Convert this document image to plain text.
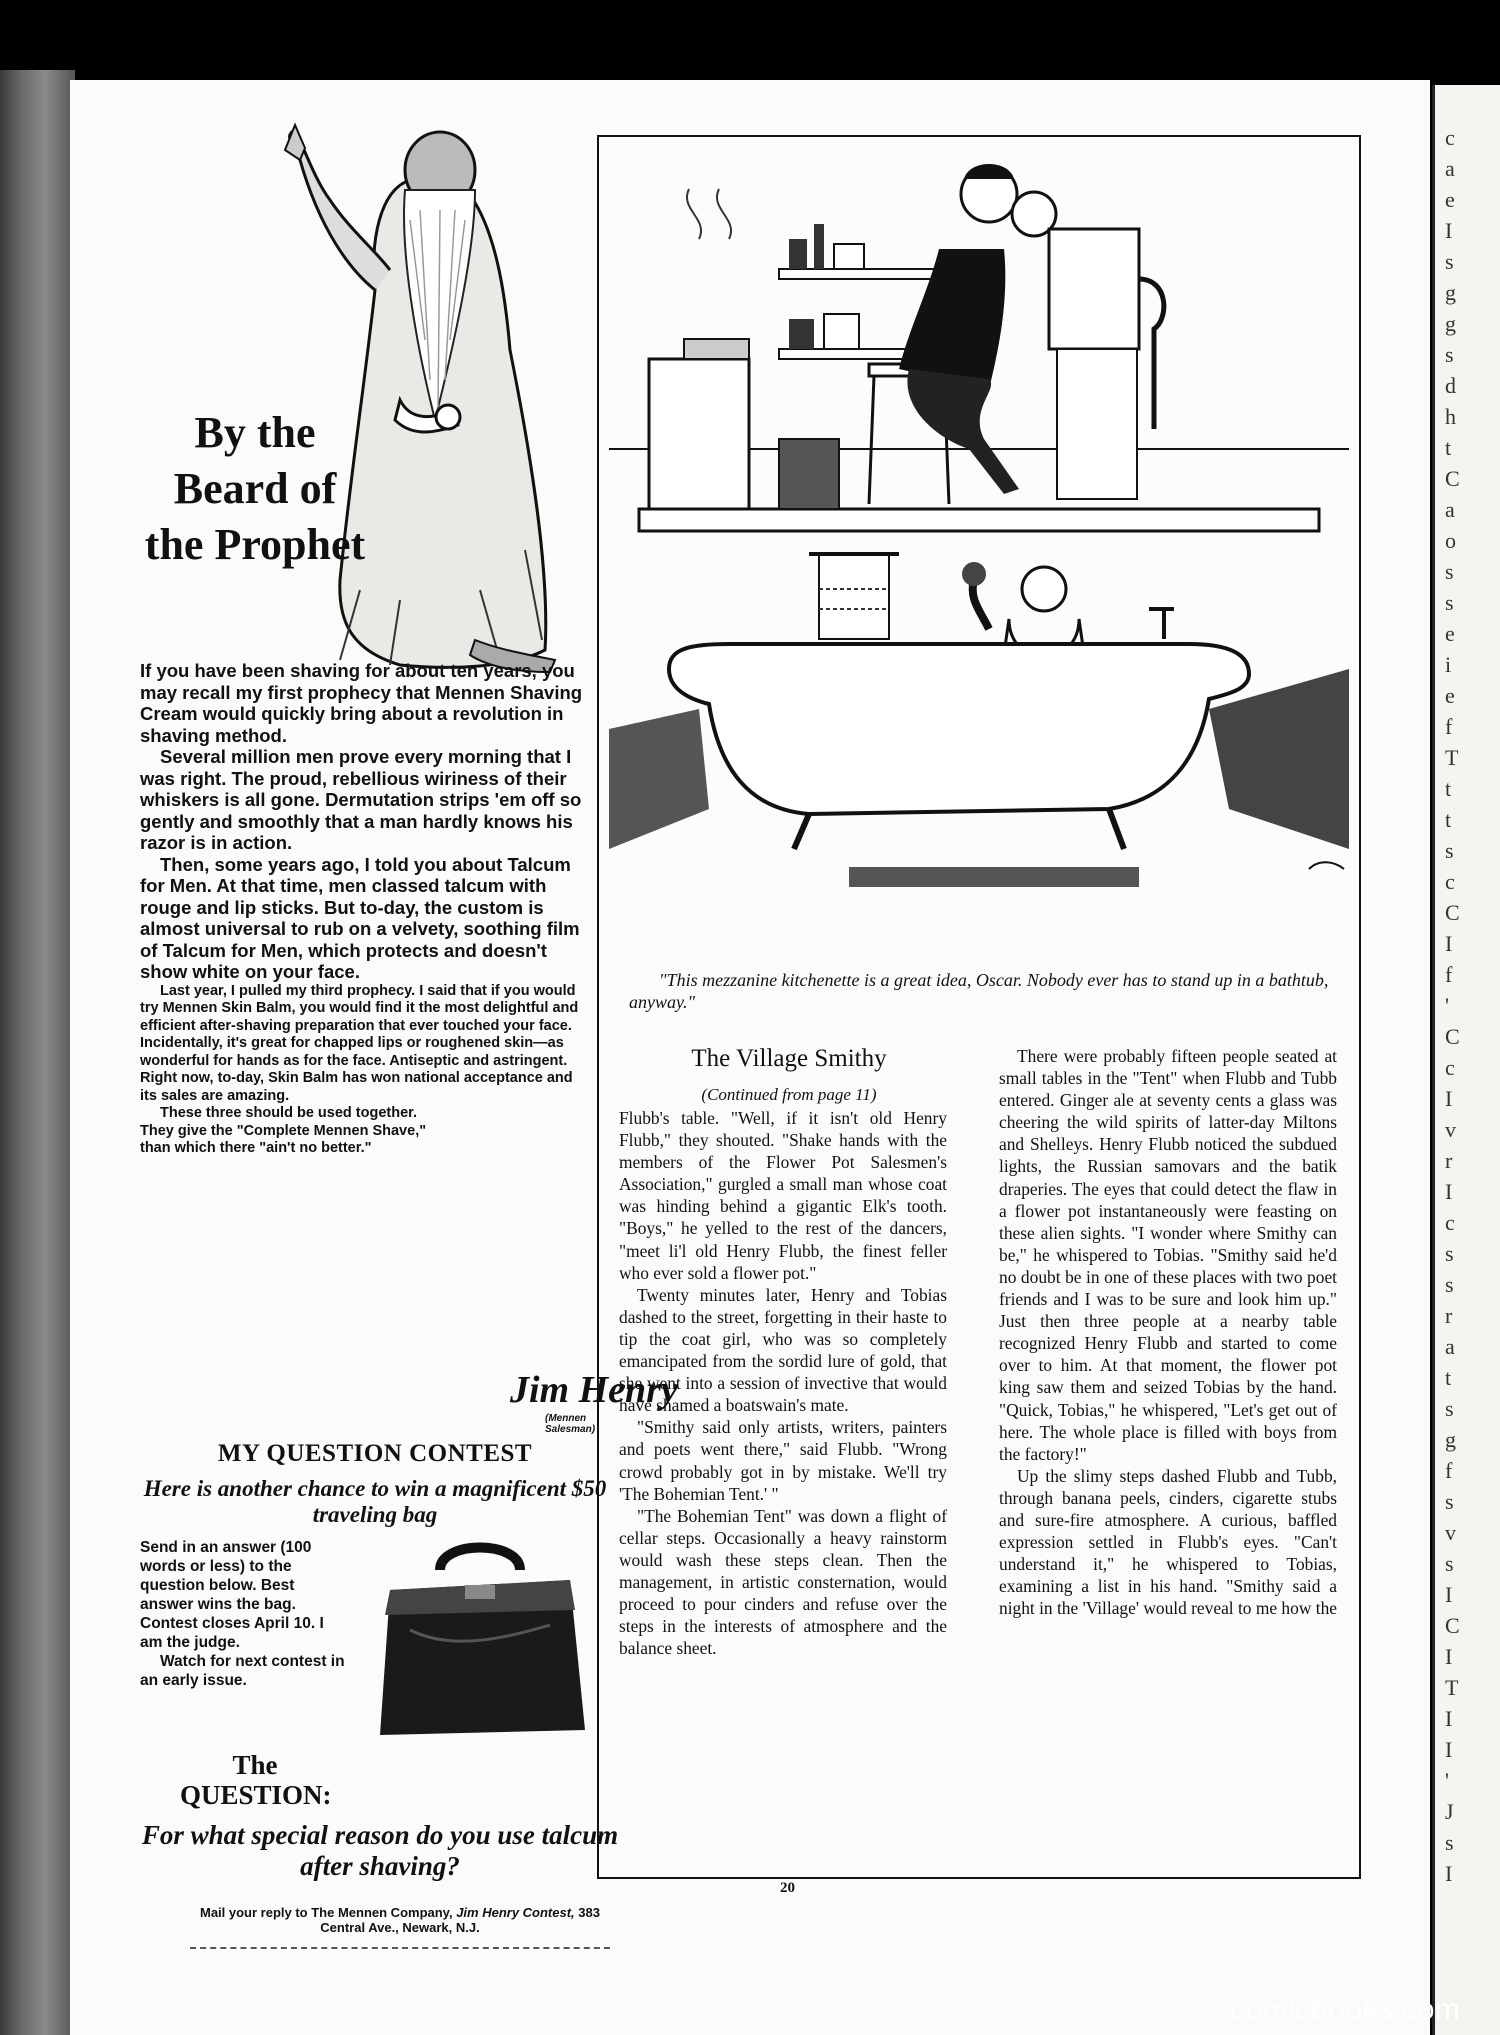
c
a
e
I
s
g
g
s
d
h
t
C
a
o
s
s
e
i
e
f
T
t
t
s
c
C
I
f
'
C
c
I
v
r
I
c
s
s
r
a
t
s
g
f
s
v
s
I
C
I
T
I
I
'
J
s
I
By the Beard of the Prophet

If you have been shaving for about ten years, you may recall my first prophecy that Mennen Shaving Cream would quickly bring about a revolution in shaving method.

Several million men prove every morning that I was right. The proud, rebellious wiriness of their whiskers is all gone. Dermutation strips 'em off so gently and smoothly that a man hardly knows his razor is in action.

Then, some years ago, I told you about Talcum for Men. At that time, men classed talcum with rouge and lip sticks. But to-day, the custom is almost universal to rub on a velvety, soothing film of Talcum for Men, which protects and doesn't show white on your face.

Last year, I pulled my third prophecy. I said that if you would try Mennen Skin Balm, you would find it the most delightful and efficient after-shaving preparation that ever touched your face. Incidentally, it's great for chapped lips or roughened skin—as wonderful for hands as for the face. Antiseptic and astringent. Right now, to-day, Skin Balm has won national acceptance and its sales are amazing.

These three should be used together. They give the "Complete Mennen Shave," than which there "ain't no better."

Jim Henry
(Mennen Salesman)
MY QUESTION CONTEST
Here is another chance to win a magnificent $50 traveling bag

Send in an answer (100 words or less) to the question below. Best answer wins the bag. Contest closes April 10. I am the judge.

Watch for next contest in an early issue.

The QUESTION:
For what special reason do you use talcum after shaving?
Mail your reply to The Mennen Company, Jim Henry Contest, 383 Central Ave., Newark, N.J.
"This mezzanine kitchenette is a great idea, Oscar. Nobody ever has to stand up in a bathtub, anyway."
The Village Smithy
(Continued from page 11)

Flubb's table. "Well, if it isn't old Henry Flubb," they shouted. "Shake hands with the members of the Flower Pot Salesmen's Association," gurgled a small man whose coat was hinding behind a gigantic Elk's tooth. "Boys," he yelled to the rest of the dancers, "meet li'l old Henry Flubb, the finest feller who ever sold a flower pot."

Twenty minutes later, Henry and Tobias dashed to the street, forgetting in their haste to tip the coat girl, who was so completely emancipated from the sordid lure of gold, that she went into a session of invective that would have shamed a boatswain's mate.

"Smithy said only artists, writers, painters and poets went there," said Flubb. "Wrong crowd probably got in by mistake. We'll try 'The Bohemian Tent.' "

"The Bohemian Tent" was down a flight of cellar steps. Occasionally a heavy rainstorm would wash these steps clean. Then the management, in artistic consternation, would proceed to pour cinders and refuse over the steps in the interests of atmosphere and the balance sheet.

There were probably fifteen people seated at small tables in the "Tent" when Flubb and Tubb entered. Ginger ale at seventy cents a glass was cheering the wild spirits of latter-day Miltons and Shelleys. Henry Flubb noticed the subdued lights, the Russian samovars and the batik draperies. The eyes that could detect the flaw in a flower pot instantaneously were feasting on these alien sights. "I wonder where Smithy can be," he whispered to Tobias. "Smithy said he'd no doubt be in one of these places with two poet friends and I was to be sure and look him up." Just then three people at a nearby table recognized Henry Flubb and started to come over to him. At that moment, the flower pot king saw them and seized Tobias by the hand. "Quick, Tobias," he whispered, "Let's get out of here. The whole place is filled with boys from the factory!"

Up the slimy steps dashed Flubb and Tubb, through banana peels, cinders, cigarette stubs and sure-fire atmosphere. A curious, baffled expression settled in Flubb's eyes. "Can't understand it," he whispered to Tobias, examining a list in his hand. "Smithy said a night in the 'Village' would reveal to me how the

20
comicbooks.com
